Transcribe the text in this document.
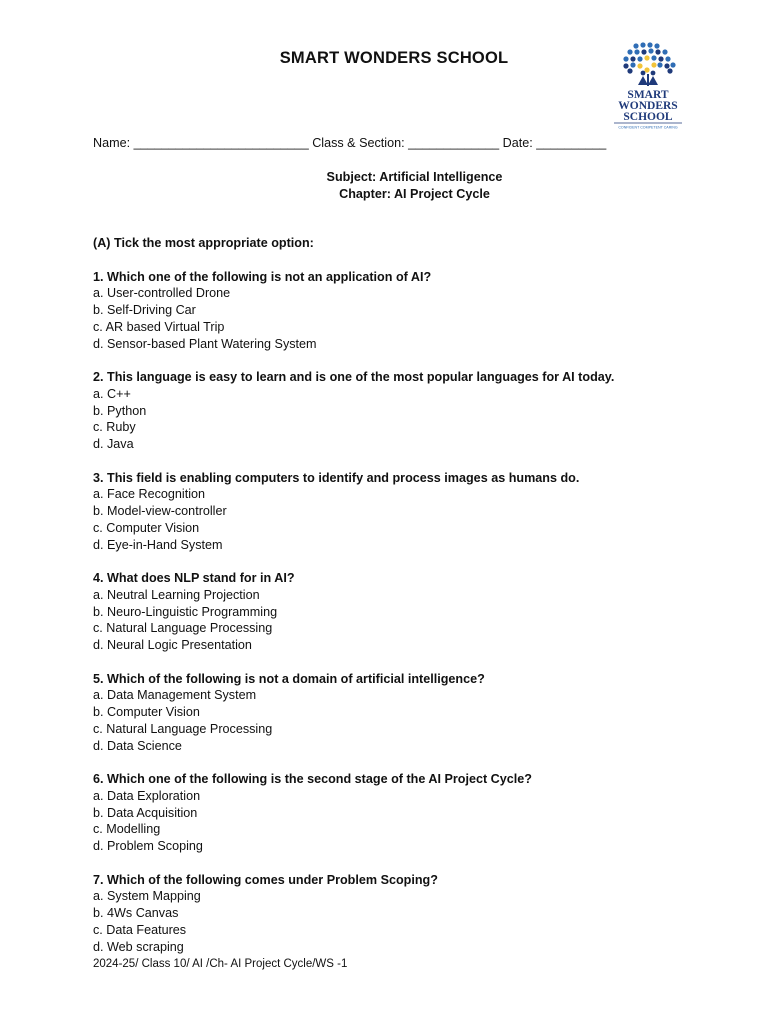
SMART WONDERS SCHOOL
SMART
WONDERS
SCHOOL
CONFIDENT COMPETENT CARING
Name: _________________________ Class & Section: _____________ Date: __________
Subject: Artificial Intelligence
Chapter: AI Project Cycle
(A) Tick the most appropriate option:
1. Which one of the following is not an application of AI?
a. User-controlled Drone
b. Self-Driving Car
c. AR based Virtual Trip
d. Sensor-based Plant Watering System
2. This language is easy to learn and is one of the most popular languages for AI today.
a. C++
b. Python
c. Ruby
d. Java
3. This field is enabling computers to identify and process images as humans do.
a. Face Recognition
b. Model-view-controller
c. Computer Vision
d. Eye-in-Hand System
4. What does NLP stand for in AI?
a. Neutral Learning Projection
b. Neuro-Linguistic Programming
c. Natural Language Processing
d. Neural Logic Presentation
5. Which of the following is not a domain of artificial intelligence?
a. Data Management System
b. Computer Vision
c. Natural Language Processing
d. Data Science
6. Which one of the following is the second stage of the AI Project Cycle?
a. Data Exploration
b. Data Acquisition
c. Modelling
d. Problem Scoping
7. Which of the following comes under Problem Scoping?
a. System Mapping
b. 4Ws Canvas
c. Data Features
d. Web scraping
2024-25/ Class 10/ AI /Ch- AI Project Cycle/WS -1
